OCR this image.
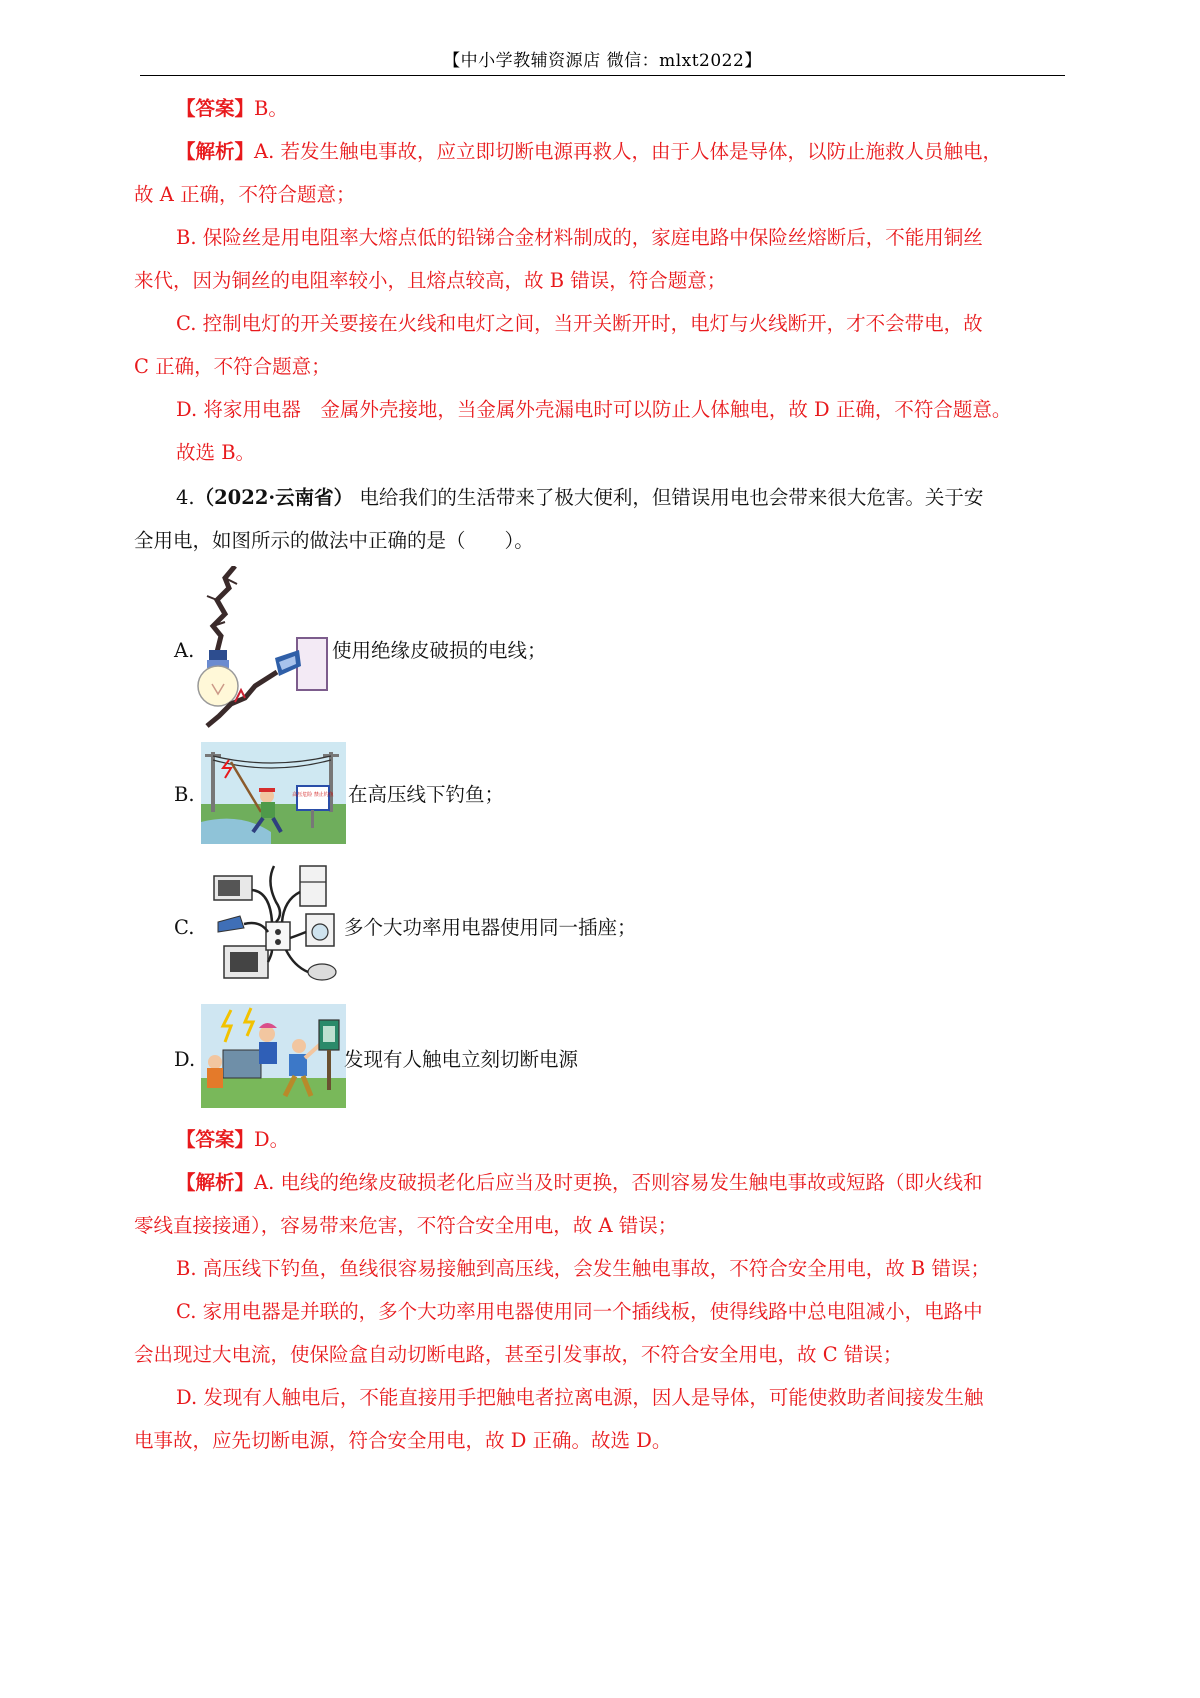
【中小学教辅资源店 微信：mlxt2022】
【答案】B。
【解析】A. 若发生触电事故，应立即切断电源再救人，由于人体是导体，以防止施救人员触电，
故 A 正确，不符合题意；
B. 保险丝是用电阻率大熔点低的铅锑合金材料制成的，家庭电路中保险丝熔断后，不能用铜丝
来代，因为铜丝的电阻率较小，且熔点较高，故 B 错误，符合题意；
C. 控制电灯的开关要接在火线和电灯之间，当开关断开时，电灯与火线断开，才不会带电，故
C 正确，不符合题意；
D. 将家用电器　金属外壳接地，当金属外壳漏电时可以防止人体触电，故 D 正确，不符合题意。
故选 B。
4.（2022·云南省） 电给我们的生活带来了极大便利，但错误用电也会带来很大危害。关于安
全用电，如图所示的做法中正确的是（　　）。
A.	使用绝缘皮破损的电线；
B.	高压危险 禁止钓鱼 在高压线下钓鱼；
C.	多个大功率用电器使用同一插座；
D.	发现有人触电立刻切断电源
【答案】D。
【解析】A. 电线的绝缘皮破损老化后应当及时更换，否则容易发生触电事故或短路（即火线和
零线直接接通），容易带来危害，不符合安全用电，故 A 错误；
B. 高压线下钓鱼，鱼线很容易接触到高压线，会发生触电事故，不符合安全用电，故 B 错误；
C. 家用电器是并联的，多个大功率用电器使用同一个插线板，使得线路中总电阻减小，电路中
会出现过大电流，使保险盒自动切断电路，甚至引发事故，不符合安全用电，故 C 错误；
D. 发现有人触电后，不能直接用手把触电者拉离电源，因人是导体，可能使救助者间接发生触
电事故，应先切断电源，符合安全用电，故 D 正确。故选 D。
